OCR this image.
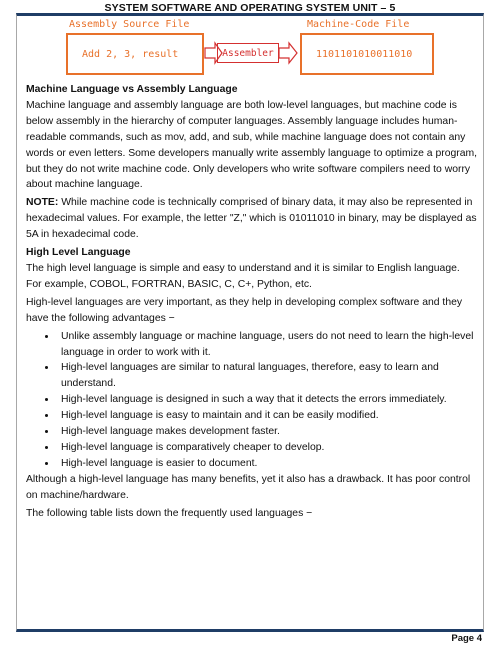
SYSTEM SOFTWARE AND OPERATING SYSTEM UNIT – 5
Assembly Source File
Add 2, 3, result	Assembler
Machine-Code File
1101101010011010
Machine Language vs Assembly Language

Machine language and assembly language are both low-level languages, but machine code is below assembly in the hierarchy of computer languages. Assembly language includes human-readable commands, such as mov, add, and sub, while machine language does not contain any words or even letters. Some developers manually write assembly language to optimize a program, but they do not write machine code. Only developers who write software compilers need to worry about machine language.

NOTE: While machine code is technically comprised of binary data, it may also be represented in hexadecimal values. For example, the letter "Z," which is 01011010 in binary, may be displayed as 5A in hexadecimal code.

High Level Language

The high level language is simple and easy to understand and it is similar to English language. For example, COBOL, FORTRAN, BASIC, C, C+, Python, etc.

High-level languages are very important, as they help in developing complex software and they have the following advantages −

• Unlike assembly language or machine language, users do not need to learn the high-level language in order to work with it.
• High-level languages are similar to natural languages, therefore, easy to learn and understand.
• High-level language is designed in such a way that it detects the errors immediately.
• High-level language is easy to maintain and it can be easily modified.
• High-level language makes development faster.
• High-level language is comparatively cheaper to develop.
• High-level language is easier to document.

Although a high-level language has many benefits, yet it also has a drawback. It has poor control on machine/hardware.

The following table lists down the frequently used languages −

Page 4
